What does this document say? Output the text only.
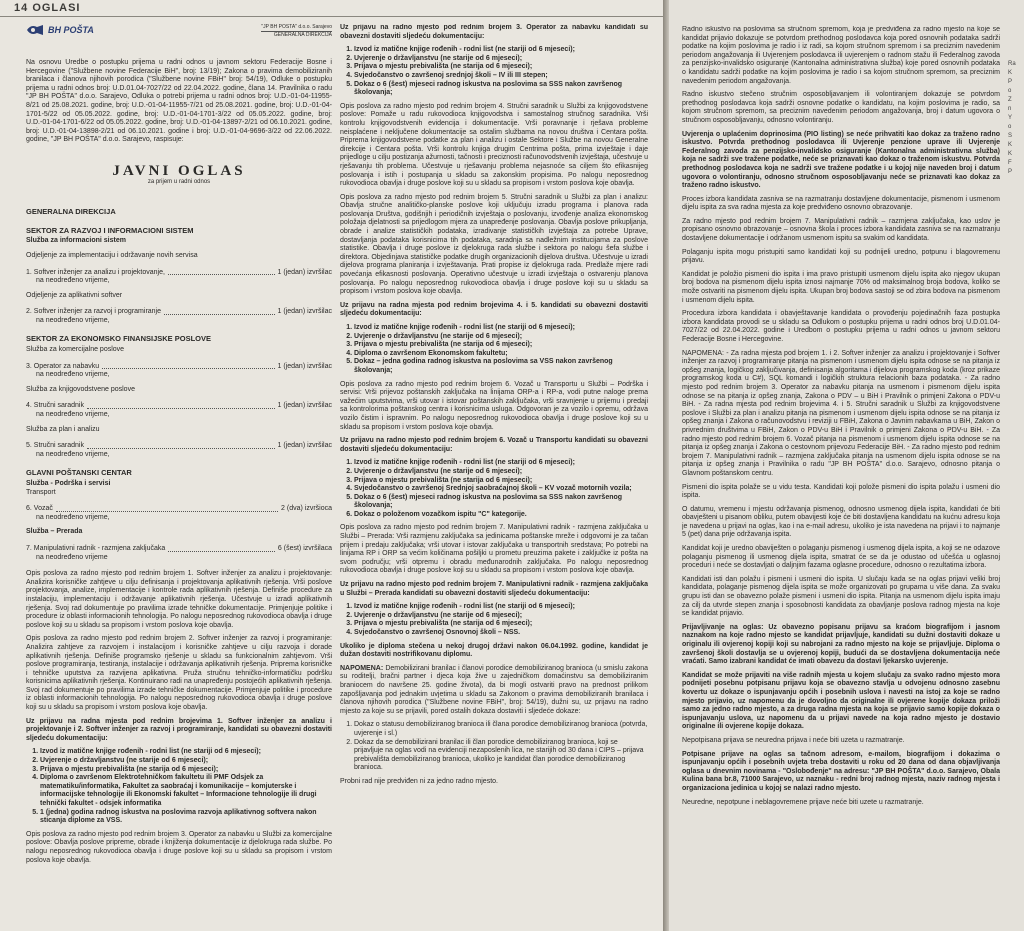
14 OGLASI
BH POŠTA	"JP BH POŠTA" d.o.o. Sarajevo
GENERALNA DIREKCIJA

Na osnovu Uredbe o postupku prijema u radni odnos u javnom sektoru Federacije Bosne i Hercegovine ("Službene novine Federacije BiH", broj: 13/19); Zakona o pravima demobiliziranih branilaca i članova njihovih porodica ("Službene novine FBiH" broj: 54/19), Odluke o postupku prijema u radni odnos broj: U.D.01.04-7027/22 od 22.04.2022. godine, člana 14. Pravilnika o radu "JP BH POŠTA" d.o.o. Sarajevo, Odluka o potrebi prijema u radni odnos broj: U.D.-01-04-11955-8/21 od 25.08.2021. godine, broj: U.D.-01-04-11955-7/21 od 25.08.2021. godine, broj: U.D.-01-04-1701-5/22 od 05.05.2022. godine, broj: U.D.-01-04-1701-3/22 od 05.05.2022. godine, broj: U.D.-01-04-1701-6/22 od 05.05.2022. godine, broj: U.D.-01-04-13897-2/21 od 06.10.2021. godine, broj: U.D.-01-04-13898-2/21 od 06.10.2021. godine i broj: U.D.-01-04-9696-3/22 od 22.06.2022. godine, "JP BH POŠTA" d.o.o. Sarajevo, raspisuje:

JAVNI OGLAS
za prijem u radni odnos
GENERALNA DIREKCIJA
SEKTOR ZA RAZVOJ I INFORMACIONI SISTEM
Služba za informacioni sistem
Odjeljenje za implementaciju i održavanje novih servisa
1. Softver inženjer za analizu i projektovanje,	1 (jedan) izvršilac
na neodređeno vrijeme,
Odjeljenje za aplikativni softver
2. Softver inženjer za razvoj i programiranje	1 (jedan) izvršilac
na neodređeno vrijeme,
SEKTOR ZA EKONOMSKO FINANSIJSKE POSLOVE
Služba za komercijalne poslove
3. Operator za nabavku	1 (jedan) izvršilac
na neodređeno vrijeme,
Služba za knjigovodstvene poslove
4. Stručni saradnik	1 (jedan) izvršilac
na neodređeno vrijeme,
Služba za plan i analizu
5. Stručni saradnik	1 (jedan) izvršilac
na neodređeno vrijeme,
GLAVNI POŠTANSKI CENTAR
Služba - Podrška i servisi
Transport
6. Vozač	2 (dva) izvršioca
na neodređeno vrijeme,
Služba – Prerada
7. Manipulativni radnik - razmjena zaključaka	6 (šest) izvršilaca
na neodređeno vrijeme

Opis poslova za radno mjesto pod rednim brojem 1. Softver inženjer za analizu i projektovanje: Analizira korisničke zahtjeve u cilju definisanja i projektovanja aplikativnih rješenja. Vrši poslove projektovanja, analize, implementacije i kontrole rada aplikativnih rješenja. Definiše procedure za instalaciju, implementaciju i održavanje aplikativnih rješenja. Učestvuje u izradi aplikativnih rješenja. Svoj rad dokumentuje po pravilima izrade tehničke dokumentacije. Primjenjuje politike i procedure iz oblasti informacionih tehnologija. Po nalogu neposrednog rukovodioca obavlja i druge poslove koji su u skladu sa propisom i vrstom poslova koje obavlja.

Opis poslova za radno mjesto pod rednim brojem 2. Softver inženjer za razvoj i programiranje: Analizira zahtjeve za razvojem i instalacijom i korisničke zahtjeve u cilju razvoja i dorade aplikativnih rješenja. Definiše programsko rješenje u skladu sa funkcionalnim zahtjevom. Vrši poslove programiranja, testiranja, instalacije i održavanja aplikativnih rješenja. Priprema korisničke i tehničke uputstva za razvijena aplikativna. Pruža stručnu tehničko-informatičku podršku korisnicima aplikativnih rješenja. Kontinuirano radi na unapređenju postojećih aplikativnih rješenja. Svoj rad dokumentuje po pravilima izrade tehničke dokumentacije. Primjenjuje politike i procedure iz oblasti informacionih tehnologija. Po nalogu neposrednog rukovodioca obavlja i druge poslove koji su u skladu sa propisom i vrstom poslova koje obavlja.

Uz prijavu na radna mjesta pod rednim brojevima 1. Softver inženjer za analizu i projektovanje i 2. Softver inženjer za razvoj i programiranje, kandidati su obavezni dostaviti sljedeću dokumentaciju:

1. Izvod iz matične knjige rođenih - rodni list (ne stariji od 6 mjeseci);
2. Uvjerenje o državljanstvu (ne starije od 6 mjeseci);
3. Prijava o mjestu prebivališta (ne starija od 6 mjeseci);
4. Diploma o završenom Elektrotehničkom fakultetu ili PMF Odsjek za matematiku/informatika, Fakultet za saobraćaj i komunikacije – komjuterske i informacijske tehnologije ili Ekonomski fakultet – Informacione tehnologije ili drugi tehnički fakultet - odsjek informatika
5. 1 (jedna) godina radnog iskustva na poslovima razvoja aplikativnog softvera nakon sticanja diplome za VSS.

Opis poslova za radno mjesto pod rednim brojem 3. Operator za nabavku u Službi za komercijalne poslove: Obavlja poslove pripreme, obrade i knjiženja dokumentacije iz djelokruga rada službe. Po nalogu neposrednog rukovodioca obavlja i druge poslove koji su u skladu sa propisom i vrstom poslova koje obavlja.

Uz prijavu na radno mjesto pod rednim brojem 3. Operator za nabavku kandidati su obavezni dostaviti sljedeću dokumentaciju:

1. Izvod iz matične knjige rođenih - rodni list (ne stariji od 6 mjeseci);
2. Uvjerenje o državljanstvu (ne starije od 6 mjeseci);
3. Prijava o mjestu prebivališta (ne starija od 6 mjeseci);
4. Svjedočanstvo o završenoj srednjoj školi – IV ili III stepen;
5. Dokaz o 6 (šest) mjeseci radnog iskustva na poslovima sa SSS nakon završenog školovanja;

Opis poslova za radno mjesto pod rednim brojem 4. Stručni saradnik u Službi za knjigovodstvene poslove: Pomaže u radu rukovodioca knjigovodstva i samostalnog stručnog saradnika. Vrši kontrolu knjigovodstvenih evidencija i dokumentacije. Vrši poravnanje i rješava probleme neisplaćene i neključene dokumentacije sa ostalim službama na novou društva i Centara pošta. Priprema knjigovodstvene podatke za plan i analizu i ostale Sektore i Službe na novou Generalne direkcije i Centara pošta. Vrši kontrolu knjiga drugim Centrima pošta, prima izvještaje i daje prijedloge u cilju postizanja ažurnosti, tačnosti i preciznosti računovodstvenih izvještaja, učestvuje u rješavanju tih problema. Učestvuje u rješavanju problema nejasnoće sa ciljem što efikasnijeg poslovanja i istih i postupanja u skladu sa zakonskim propisima. Po nalogu neposrednog rukovodioca obavlja i druge poslove koji su u skladu sa propisom i vrstom poslova koje obavlja.

Opis poslova za radno mjesto pod rednim brojem 5. Stručni saradnik u Službi za plan i analizu: Obavlja stručne analitičko-planske poslove koji uključuju izradu programa i planova rada poslovanja Društva, godišnjih i periodičnih izvještaja o poslovanju, izvođenje analiza ekonomskog položaja djelatnosti sa prijedlogom mjera za unapređenje poslovanja. Obavlja poslove prikupljanja, obrade i analize statističkih podataka, izradivanje statističkih izvještaja za potrebe Uprave, dostavljanja podataka korisnicima tih podataka, saradnja sa nadležnim institucijama za poslove statistike. Obavlja i druge poslove iz djelokruga rada službe i sektora po nalogu šefa službe i direktora. Objedinjava statističke podatke drugih organizacionih dijelova društva. Učestvuje u izradi dijelova programa planiranja i izvještavanja. Prati propise iz djelokruga rada. Predlaže mjere radi povećanja efikasnosti poslovanja. Operativno učestvuje u izradi izvještaja o ostvarenju planova poslovanja. Po nalogu neposrednog rukovodioca obavlja i druge poslove koji su u skladu sa propisom i vrstom poslova koje obavlja.

Uz prijavu na radna mjesta pod rednim brojevima 4. i 5. kandidati su obavezni dostaviti sljedeću dokumentaciju:

1. Izvod iz matične knjige rođenih - rodni list (ne stariji od 6 mjeseci);
2. Uvjerenje o državljanstvu (ne starije od 6 mjeseci);
3. Prijava o mjestu prebivališta (ne starija od 6 mjeseci);
4. Diploma o završenom Ekonomskom fakultetu;
5. Dokaz – jedna godina radnog iskustva na poslovima sa VSS nakon završenog školovanja;

Opis poslova za radno mjesto pod rednim brojem 6. Vozač u Transportu u Službi – Podrška i servisi: Vrši prijevoz poštanskih zaključaka na linijama ORP-a i RP-a, vodi putne naloge prema važećim uputstvima, vrši utovar i istovar poštanskih zaključaka, vrši sravnjenje u prijemu i predaji sa kontrolorima poštanskog centra i korisnicima usluga. Odgovoran je za vozilo i opremu, održava vozilo čistim i ispravnim. Po nalogu neposrednog rukovodioca obavlja i druge poslove koji su u skladu sa propisom i vrstom poslova koje obavlja.

Uz prijavu na radno mjesto pod rednim brojem 6. Vozač u Transportu kandidati su obavezni dostaviti sljedeću dokumentaciju:

1. Izvod iz matične knjige rođenih - rodni list (ne stariji od 6 mjeseci);
2. Uvjerenje o državljanstvu (ne starije od 6 mjeseci);
3. Prijava o mjestu prebivališta (ne starija od 6 mjeseci);
4. Svjedočanstvo o završenoj Srednjoj saobraćajnoj školi – KV vozač motornih vozila;
5. Dokaz o 6 (šest) mjeseci radnog iskustva na poslovima sa SSS nakon završenog školovanja;
6. Dokaz o položenom vozačkom ispitu "C" kategorije.

Opis poslova za radno mjesto pod rednim brojem 7. Manipulativni radnik - razmjena zaključaka u Službi – Prerada: Vrši razmjenu zaključaka sa jedinicama poštanske mreže i odgovorni je za tačan prijem i predaju zaključaka; vrši utovar i istovar zaključaka u transportnih sredstava; Po potrebi na linijama RP i ORP sa većim količinama pošiljki u prometu preuzima pakete i zaključke iz pošta na svom području; vrši otpremu i obradu međunarodnih zaključaka. Po nalogu neposrednog rukovodioca obavlja i druge poslove koji su u skladu sa propisom i vrstom poslova koje obavlja.

Uz prijavu na radno mjesto pod rednim brojem 7. Manipulativni radnik - razmjena zaključaka u Službi – Prerada kandidati su obavezni dostaviti sljedeću dokumentaciju:

1. Izvod iz matične knjige rođenih - rodni list (ne stariji od 6 mjeseci);
2. Uvjerenje o državljanstvu (ne starije od 6 mjeseci);
3. Prijava o mjestu prebivališta (ne starija od 6 mjeseci);
4. Svjedočanstvo o završenoj Osnovnoj školi – NSS.

Ukoliko je diploma stečena u nekoj drugoj državi nakon 06.04.1992. godine, kandidat je dužan dostaviti nostrifikovanu diplomu.

NAPOMENA: Demobilizirani branilac i članovi porodice demobiliziranog branioca (u smislu zakona su roditelji, bračni partner i djeca koja žive u zajedničkom domaćinstvu sa demobiliziranim braniocem do navršene 25. godine života), da bi mogli ostvariti pravo na prednost prilikom zapošljavanja pod jednakim uvjetima u skladu sa Zakonom o pravima demobiliziranih branilaca i članova njihovih porodica ("Službene novine FBiH", broj: 54/19), dužni su, uz prijavu na radno mjesto za koje su se prijavili, pored ostalih dokaza dostaviti i sljedeće dokaze:

1. Dokaz o statusu demobiliziranog branioca ili člana porodice demobiliziranog branioca (potvrda, uvjerenje i sl.)
2. Dokaz da se demobilizirani branilac ili član porodice demobiliziranog branioca, koji se prijavljuje na oglas vodi na evidenciji nezaposlenih lica, ne starijih od 30 dana i CIPS – prijava prebivališta demobiliziranog branioca, ukoliko je kandidat član porodice demobiliziranog branioca.

Probni rad nije predviđen ni za jedno radno mjesto.

Radno iskustvo na poslovima sa stručnom spremom, koja je predviđena za radno mjesto na koje se kandidat prijavio dokazuje se potvrdom prethodnog poslodavca koja pored osnovnih podataka sadrži podatke na kojim poslovima je radio i iz radi, sa kojom stručnom spremom i sa preciznim navedenim periodom angažovanja ili Uvjerenjem poslodavca ili uvjerenjem o radnom stažu ili Federalnog zavoda za penzijsko-invalidsko osiguranje (Kantonalna administrativna služba) koje pored osnovnih podataka o kandidatu sadrži podatke na kojim poslovima je radio i sa kojom stručnom spremom, sa preciznim navedenim periodom angažovanja.

Radno iskustvo stečeno stručnim osposobljavanjem ili volontiranjem dokazuje se potvrdom prethodnog poslodavca koja sadrži osnovne podatke o kandidatu, na kojim poslovima je radio, sa kojom stručnom spremom, sa preciznim navedenim periodom angažovanja, broj i datum ugovora o stručnom osposobljavanju, odnosno volontiranju.

Uvjerenja o uplaćenim doprinosima (PIO listing) se neće prihvatiti kao dokaz za traženo radno iskustvo. Potvrda prethodnog poslodavca ili Uvjerenje penzione uprave ili Uvjerenje Federalnog zavoda za penzijsko-invalidsko osiguranje (Kantonalna administrativna služba) koja ne sadrži sve tražene podatke, neće se priznavati kao dokaz o traženom iskustvu. Potvrda prethodnog poslodavca koja ne sadrži sve tražene podatke i u kojoj nije naveden broj i datum ugovora o volontiranju, odnosno stručnom osposobljavanju neće se priznavati kao dokaz za traženo radno iskustvo.

Proces izbora kandidata zasniva se na razmatranju dostavljene dokumentacije, pismenom i usmenom dijelu ispita za sva radna mjesta za koje predviđeno osnovno obrazovanje.

Za radno mjesto pod rednim brojem 7. Manipulativni radnik – razmjena zaključaka, kao uslov je propisano osnovno obrazovanje – osnovna škola i proces izbora kandidata zasniva se na razmatranju dostavljene dokumentacije i održanom usmenom ispitu sa svakim od kandidata.

Polaganju ispita mogu pristupiti samo kandidati koji su podnijeli uredno, potpunu i blagovremenu prijavu.

Kandidat je položio pismeni dio ispita i ima pravo pristupiti usmenom dijelu ispita ako njegov ukupan broj bodova na pismenom dijelu ispita iznosi najmanje 70% od maksimalnog broja bodova, koliko se može ostvariti na pismenom dijelu ispita. Ukupan broj bodova sastoji se od zbira bodova na pismenom i usmenom dijelu ispita.

Procedura izbora kandidata i obavještavanje kandidata o provođenju pojedinačnih faza postupka izbora kandidata provodi se u skladu sa Odlukom o postupku prijema u radni odnos broj U.D.01.04-7027/22 od 22.04.2022. godine i Uredbom o postupku prijema u radni odnos u javnom sektoru Federacije Bosne i Hercegovine.

NAPOMENA: - Za radna mjesta pod brojem 1. i 2. Softver inženjer za analizu i projektovanje i Softver inženjer za razvoj i programiranje pitanja na pismenom i usmenom dijelu ispita odnose se na pitanja iz opšeg znanja, logičkog zaključivanja, definisanja algoritama i dijelova programskog koda (kroz prikaze programskog koda u C#), SQL komandi i logičkih struktura relacionih baza podataka. - Za radno mjesto pod rednim brojem 3. Operator za nabavku pitanja na usmenom i pismenom dijelu ispita odnose se na pitanja iz opšeg znanja, Zakona o PDV – u BiH i Pravilnik o primjeni Zakona o PDV-u BiH. - Za radna mjesta pod rednim brojevima 4. i 5. Stručni saradnik u Službi za knjigovodstvene poslove i Službi za plan i analizu pitanja na pismenom i usmenom dijelu ispita odnose se na pitanja iz opšeg znanja i Zakona o računovodstvu i reviziji u FBiH, Zakona o Javnim nabavkama u BiH, Zakon o privrednim društvima u FBiH, Zakon o PDV-u BiH i Pravilnik o primjeni Zakona o PDV-u BiH. - Za radno mjesto pod rednim brojem 6. Vozač pitanja na pismenom i usmenom dijelu ispita odnose se na pitanja iz opšeg znanja i Zakona o cestovnom prijevozu Federacije BiH. - Za radno mjesto pod rednim brojem 7. Manipulativni radnik – razmjena zaključaka pitanja na usmenom dijelu ispita odnose se na pitanja iz opšeg znanja i Pravilnika o radu "JP BH POŠTA" d.o.o. Sarajevo, odnosno pitanja o Glavnom poštanskom centru.

Pismeni dio ispita polaže se u vidu testa. Kandidati koji polože pismeni dio ispita polažu i usmeni dio ispita.

O datumu, vremenu i mjestu održavanja pismenog, odnosno usmenog dijela ispita, kandidati će biti obavješteni u pisanom obliku, putem obavijesti koje će biti dostavljena kandidatu na kućnu adresu koja je navedena u prijavi na oglas, kao i na e-mail adresu, ukoliko je ista navedena na prijavi i to najmanje 5 (pet) dana prije održavanja ispita.

Kandidat koji je uredno obaviješten o polaganju pismenog i usmenog dijela ispita, a koji se ne odazove polaganju pismenog ili usmenog dijela ispita, smatrat će se da je odustao od učešća u oglasnoj proceduri i neće se dostavljati o daljnjim fazama oglasne procedure, odnosno o rezultatima izbora.

Kandidati isti dan polažu i pismeni i usmeni dio ispita. U slučaju kada se na oglas prijavi veliki broj kandidata, polaganje pismenog dijela ispita se može organizovati po grupama u više dana. Za svaku grupu isti dan se obavezno polaže pismeni i usmeni dio ispita. Pitanja na usmenom dijelu ispita imaju za cilj da utvrde stepen znanja i sposobnosti kandidata za obavljanje poslova radnog mjesta na koje se kandidat prijavio.

Prijavljivanje na oglas: Uz obavezno popisanu prijavu sa kraćom biografijom i jasnom naznakom na koje radno mjesto se kandidat prijavljuje, kandidati su dužni dostaviti dokaze u originalu ili ovjerenoj kopiji koji su nabrojani za radno mjesto na koje se prijavljuje. Diploma o završenoj školi dostavlja se u ovjerenoj kopiji, budući da se dostavljena dokumentacija neće vraćati. Samo izabrani kandidat će imati obavezu da dostavi ljekarsko uvjerenje.

Kandidat se može prijaviti na više radnih mjesta u kojem slučaju za svako radno mjesto mora podnijeti posebnu potpisanu prijavu koja se obavezno stavlja u odvojenu odnosno zasebnu kovertu uz dokaze o ispunjavanju općih i posebnih uslova i navesti na istoj za koje se radno mjesto prijavio, uz napomenu da je dovoljno da originalne ili ovjerene kopije dokaza priloži samo za jedno radno mjesto, a za druga radna mjesta na koja se prijavio samo kopije dokaza o ispunjavanju uslova, uz napomenu da u prijavi navede na koja radno mjesto je dostavio originalne ili ovjerene kopije dokaza.

Nepotpisana prijava se neuredna prijava i neće biti uzeta u razmatranje.

Potpisane prijave na oglas sa tačnom adresom, e-mailom, biografijom i dokazima o ispunjavanju općih i posebnih uvjeta treba dostaviti u roku od 20 dana od dana objavljivanja oglasa u dnevnim novinama - "Oslobođenje" na adresu: "JP BH POŠTA" d.o.o. Sarajevo, Obala Kulina bana br.8, 71000 Sarajevo, uz naznaku - redni broj radnog mjesta, naziv radnog mjesta i organizaciona jedinica u kojoj se nalazi radno mjesto.

Neuredne, nepotpune i neblagovremene prijave neće biti uzete u razmatranje.

Ra
K
P
o
Z
n
Y
o
S
K
K
F
P
